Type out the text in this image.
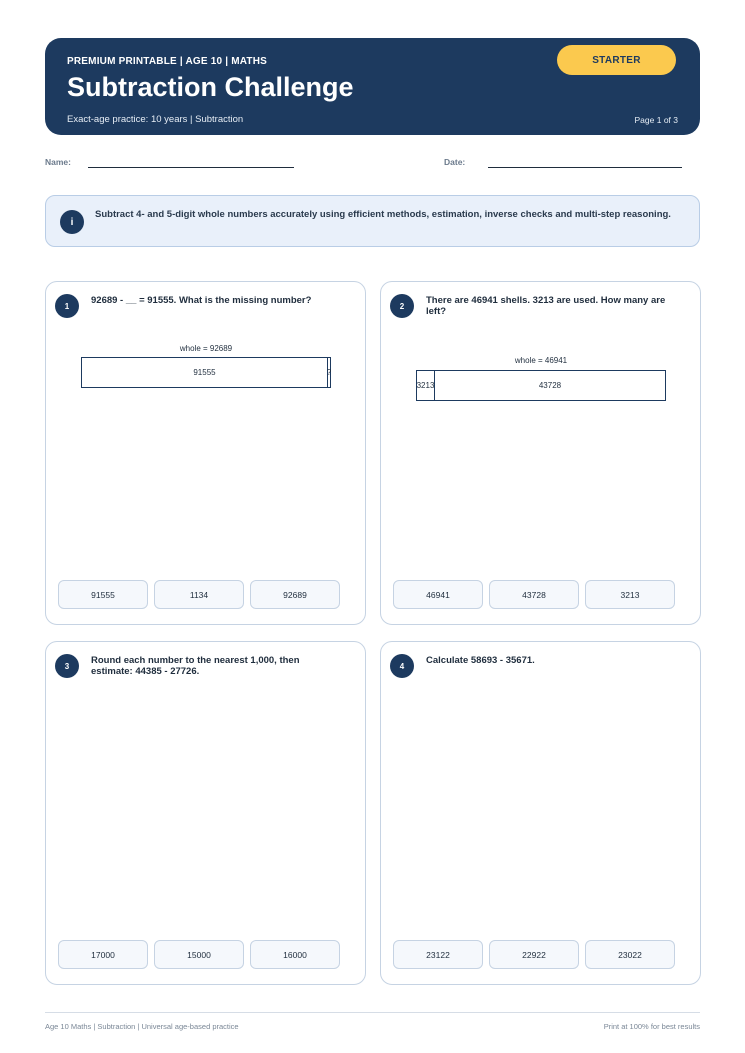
PREMIUM PRINTABLE | AGE 10 | MATHS
Subtraction Challenge
Exact-age practice: 10 years | Subtraction	Page 1 of 3
STARTER
Name:	Date:
i
Subtract 4- and 5-digit whole numbers accurately using efficient methods, estimation, inverse checks and multi-step reasoning.
1	92689 - __ = 91555. What is the missing number?
whole = 92689
91555	?
91555	1134	92689
2	There are 46941 shells. 3213 are used. How many are left?
whole = 46941
3213	43728
46941	43728	3213
3	Round each number to the nearest 1,000, then estimate: 44385 - 27726.
17000	15000	16000
4	Calculate 58693 - 35671.
23122	22922	23022
Age 10 Maths | Subtraction | Universal age-based practice	Print at 100% for best results
